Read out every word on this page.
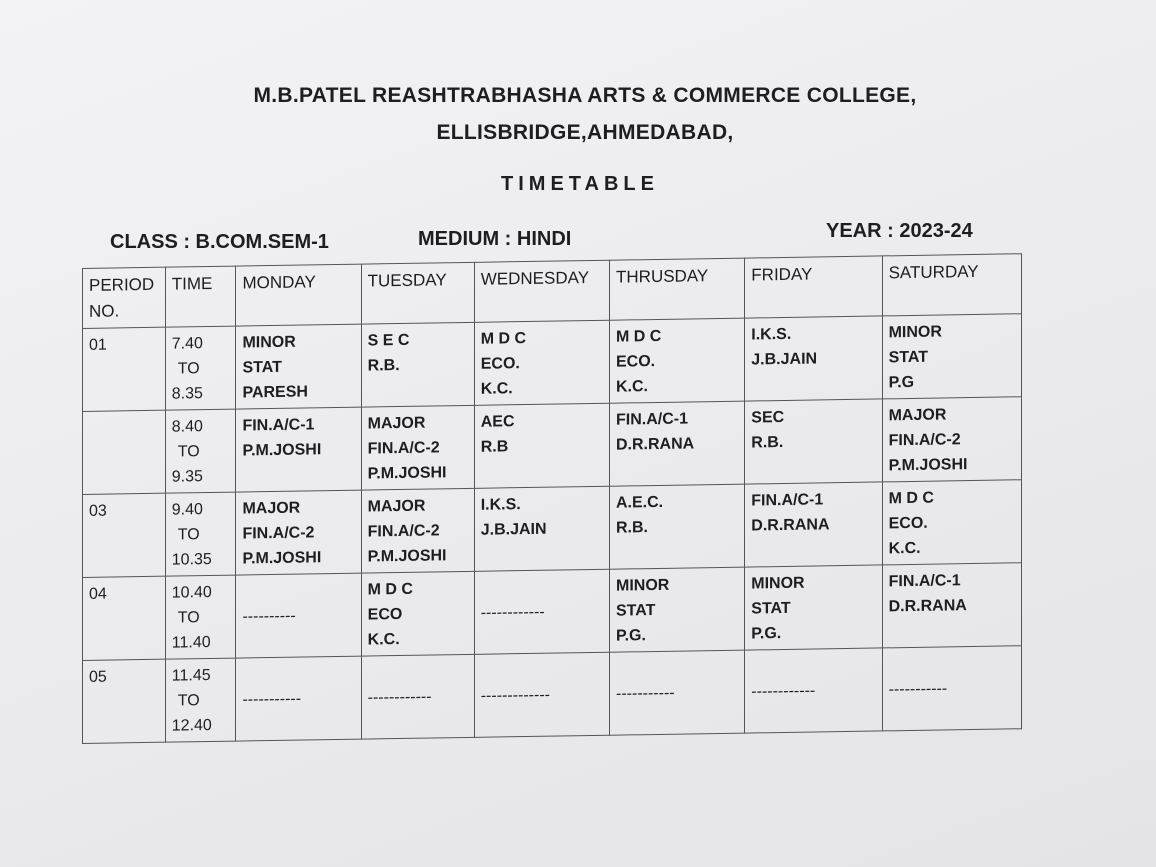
M.B.PATEL REASHTRABHASHA ARTS & COMMERCE COLLEGE,
ELLISBRIDGE,AHMEDABAD,
TIMETABLE
CLASS : B.COM.SEM-1	MEDIUM : HINDI	YEAR : 2023-24
PERIOD
NO.	TIME	MONDAY	TUESDAY	WEDNESDAY	THRUSDAY	FRIDAY	SATURDAY
01	7.40
TO
8.35	MINOR
STAT
PARESH	S E C
R.B.	M D C
ECO.
K.C.	M D C
ECO.
K.C.	I.K.S.
J.B.JAIN	MINOR
STAT
P.G

	8.40
TO
9.35	FIN.A/C-1
P.M.JOSHI	MAJOR
FIN.A/C-2
P.M.JOSHI	AEC
R.B	FIN.A/C-1
D.R.RANA	SEC
R.B.	MAJOR
FIN.A/C-2
P.M.JOSHI

03	9.40
TO
10.35	MAJOR
FIN.A/C-2
P.M.JOSHI	MAJOR
FIN.A/C-2
P.M.JOSHI	I.K.S.
J.B.JAIN	A.E.C.
R.B.	FIN.A/C-1
D.R.RANA	M D C
ECO.
K.C.

04	10.40
TO
11.40	----------	M D C
ECO
K.C.	------------	MINOR
STAT
P.G.	MINOR
STAT
P.G.	FIN.A/C-1
D.R.RANA

05	11.45
TO
12.40	-----------	------------	-------------	-----------	------------	-----------
